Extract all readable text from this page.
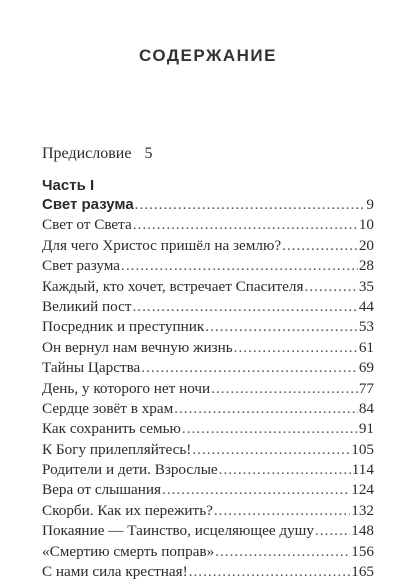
СОДЕРЖАНИЕ
Предисловие 5
Часть I
Свет разума .....	9
Свет от Света .....	10
Для чего Христос пришёл на землю? .....	20
Свет разума .....	28
Каждый, кто хочет, встречает Спасителя .....	35
Великий пост .....	44
Посредник и преступник .....	53
Он вернул нам вечную жизнь .....	61
Тайны Царства .....	69
День, у которого нет ночи .....	77
Сердце зовёт в храм .....	84
Как сохранить семью .....	91
К Богу прилепляйтесь! .....	105
Родители и дети. Взрослые .....	114
Вера от слышания .....	124
Скорби. Как их пережить? .....	132
Покаяние — Таинство, исцеляющее душу ..... 148
«Смертию смерть поправ» .....	156
С нами сила крестная! .....	165
